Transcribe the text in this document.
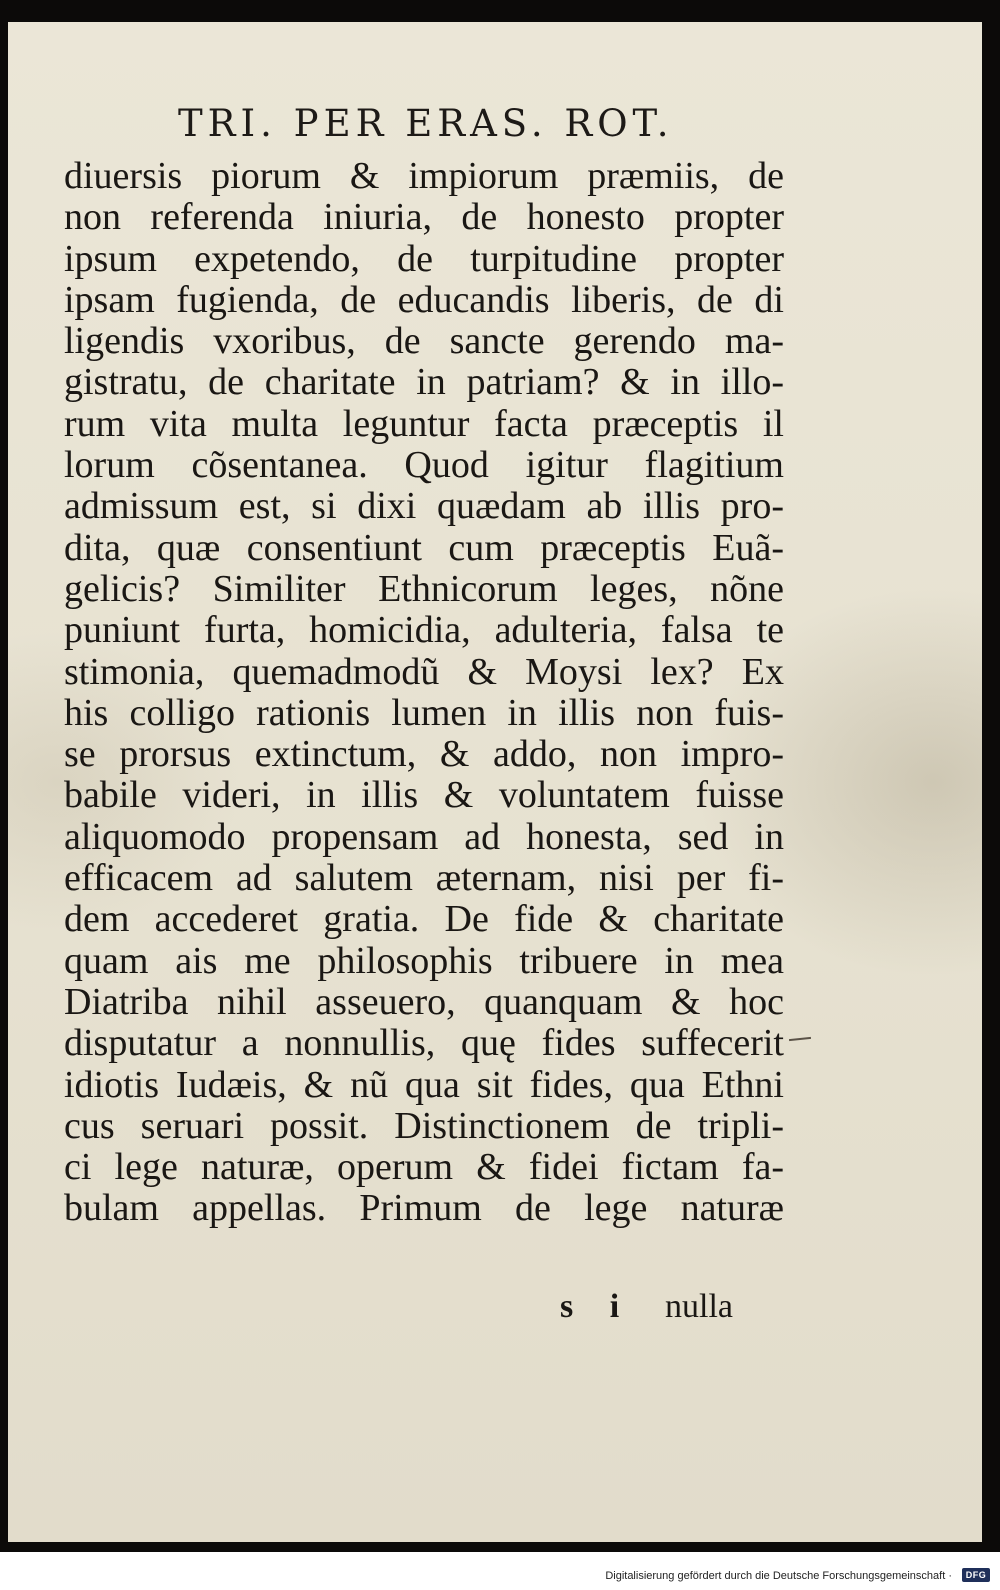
TRI. PER ERAS. ROT.
diuersis piorum & impiorum præmiis, de
non referenda iniuria, de honesto propter
ipsum expetendo, de turpitudine propter
ipsam fugienda, de educandis liberis, de di
ligendis vxoribus, de sancte gerendo ma-
gistratu, de charitate in patriam? & in illo-
rum vita multa leguntur facta præceptis il
lorum cõsentanea. Quod igitur flagitium
admissum est, si dixi quædam ab illis pro-
dita, quæ consentiunt cum præceptis Euã-
gelicis? Similiter Ethnicorum leges, nõne
puniunt furta, homicidia, adulteria, falsa te
stimonia, quemadmodũ & Moysi lex? Ex
his colligo rationis lumen in illis non fuis-
se prorsus extinctum, & addo, non impro-
babile videri, in illis & voluntatem fuisse
aliquomodo propensam ad honesta, sed in
efficacem ad salutem æternam, nisi per fi-
dem accederet gratia. De fide & charitate
quam ais me philosophis tribuere in mea
Diatriba nihil asseuero, quanquam & hoc
disputatur a nonnullis, quę fides suffecerit
idiotis Iudæis, & nũ qua sit fides, qua Ethni
cus seruari possit. Distinctionem de tripli-
ci lege naturæ, operum & fidei fictam fa-
bulam appellas. Primum de lege naturæ
s i nulla
Digitalisierung gefördert durch die Deutsche Forschungsgemeinschaft ·	DFG
